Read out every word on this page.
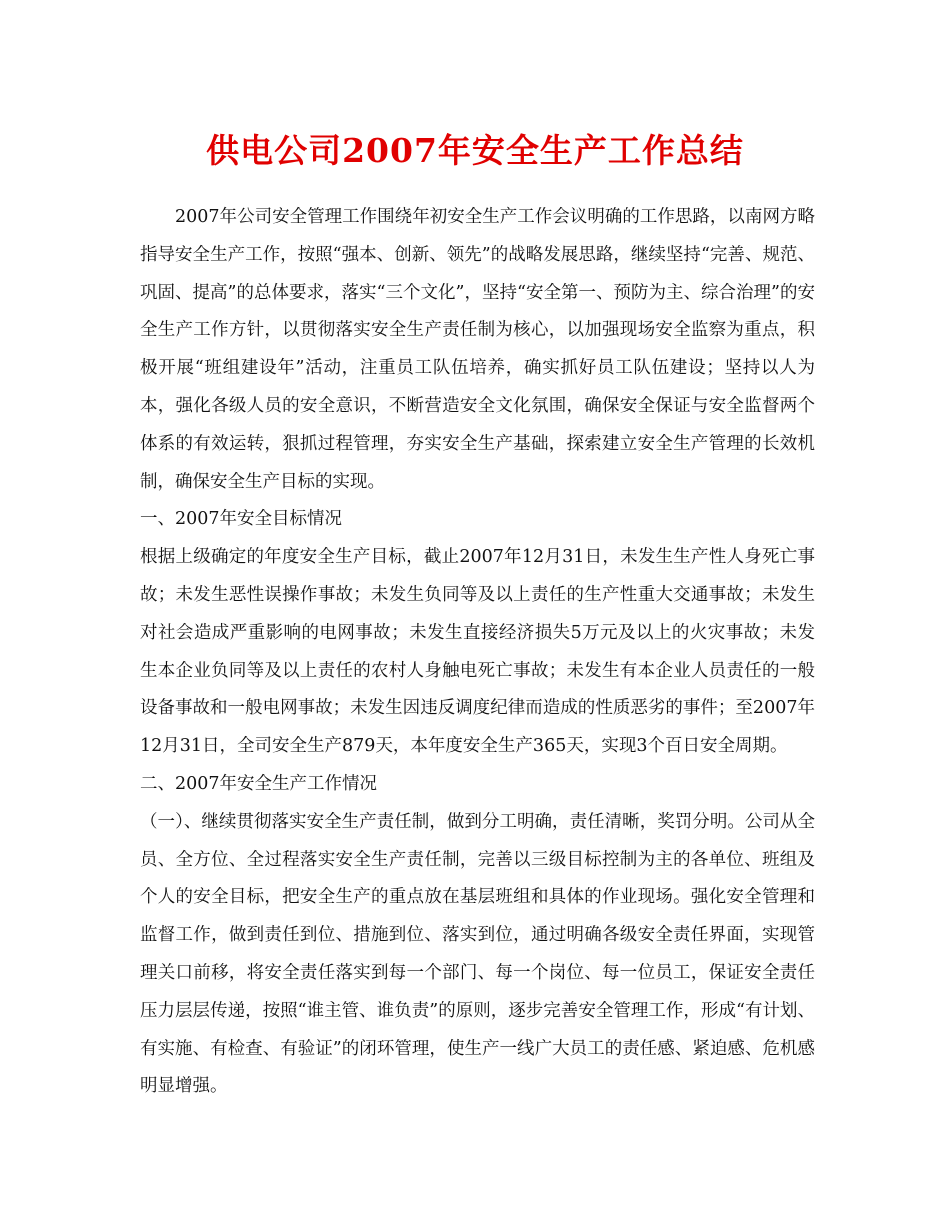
供电公司2007年安全生产工作总结

2007年公司安全管理工作围绕年初安全生产工作会议明确的工作思路，以南网方略指导安全生产工作，按照“强本、创新、领先”的战略发展思路，继续坚持“完善、规范、巩固、提高”的总体要求，落实“三个文化”，坚持“安全第一、预防为主、综合治理”的安全生产工作方针，以贯彻落实安全生产责任制为核心，以加强现场安全监察为重点，积极开展“班组建设年”活动，注重员工队伍培养，确实抓好员工队伍建设；坚持以人为本，强化各级人员的安全意识，不断营造安全文化氛围，确保安全保证与安全监督两个体系的有效运转，狠抓过程管理，夯实安全生产基础，探索建立安全生产管理的长效机制，确保安全生产目标的实现。

一、2007年安全目标情况

根据上级确定的年度安全生产目标，截止2007年12月31日，未发生生产性人身死亡事故；未发生恶性误操作事故；未发生负同等及以上责任的生产性重大交通事故；未发生对社会造成严重影响的电网事故；未发生直接经济损失5万元及以上的火灾事故；未发生本企业负同等及以上责任的农村人身触电死亡事故；未发生有本企业人员责任的一般设备事故和一般电网事故；未发生因违反调度纪律而造成的性质恶劣的事件；至2007年12月31日，全司安全生产879天，本年度安全生产365天，实现3个百日安全周期。

二、2007年安全生产工作情况

（一）、继续贯彻落实安全生产责任制，做到分工明确，责任清晰，奖罚分明。公司从全员、全方位、全过程落实安全生产责任制，完善以三级目标控制为主的各单位、班组及个人的安全目标，把安全生产的重点放在基层班组和具体的作业现场。强化安全管理和监督工作，做到责任到位、措施到位、落实到位，通过明确各级安全责任界面，实现管理关口前移，将安全责任落实到每一个部门、每一个岗位、每一位员工，保证安全责任压力层层传递，按照“谁主管、谁负责”的原则，逐步完善安全管理工作，形成“有计划、有实施、有检查、有验证”的闭环管理，使生产一线广大员工的责任感、紧迫感、危机感明显增强。
